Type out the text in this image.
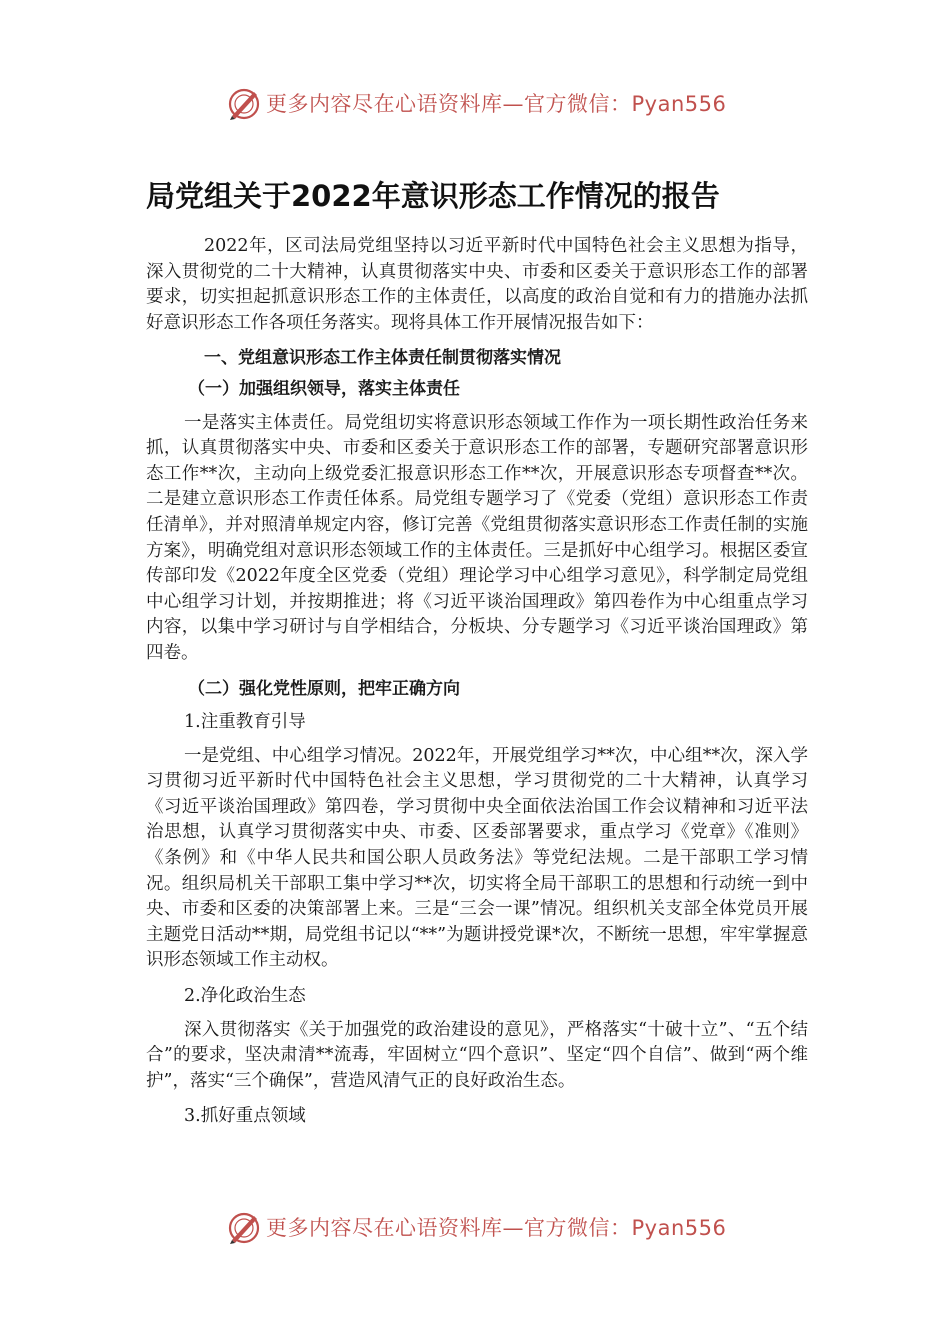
更多内容尽在心语资料库—官方微信：Pyan556
局党组关于2022年意识形态工作情况的报告

2022年，区司法局党组坚持以习近平新时代中国特色社会主义思想为指导，深入贯彻党的二十大精神，认真贯彻落实中央、市委和区委关于意识形态工作的部署要求，切实担起抓意识形态工作的主体责任，以高度的政治自觉和有力的措施办法抓好意识形态工作各项任务落实。现将具体工作开展情况报告如下：

一、党组意识形态工作主体责任制贯彻落实情况

（一）加强组织领导，落实主体责任

一是落实主体责任。局党组切实将意识形态领域工作作为一项长期性政治任务来抓，认真贯彻落实中央、市委和区委关于意识形态工作的部署，专题研究部署意识形态工作**次，主动向上级党委汇报意识形态工作**次，开展意识形态专项督查**次。二是建立意识形态工作责任体系。局党组专题学习了《党委（党组）意识形态工作责任清单》，并对照清单规定内容，修订完善《党组贯彻落实意识形态工作责任制的实施方案》，明确党组对意识形态领域工作的主体责任。三是抓好中心组学习。根据区委宣传部印发《2022年度全区党委（党组）理论学习中心组学习意见》，科学制定局党组中心组学习计划，并按期推进；将《习近平谈治国理政》第四卷作为中心组重点学习内容，以集中学习研讨与自学相结合，分板块、分专题学习《习近平谈治国理政》第四卷。

（二）强化党性原则，把牢正确方向

1.注重教育引导

一是党组、中心组学习情况。2022年，开展党组学习**次，中心组**次，深入学习贯彻习近平新时代中国特色社会主义思想，学习贯彻党的二十大精神，认真学习《习近平谈治国理政》第四卷，学习贯彻中央全面依法治国工作会议精神和习近平法治思想，认真学习贯彻落实中央、市委、区委部署要求，重点学习《党章》《准则》《条例》和《中华人民共和国公职人员政务法》等党纪法规。二是干部职工学习情况。组织局机关干部职工集中学习**次，切实将全局干部职工的思想和行动统一到中央、市委和区委的决策部署上来。三是“三会一课”情况。组织机关支部全体党员开展主题党日活动**期，局党组书记以“**”为题讲授党课*次，不断统一思想，牢牢掌握意识形态领域工作主动权。

2.净化政治生态

深入贯彻落实《关于加强党的政治建设的意见》，严格落实“十破十立”、“五个结合”的要求，坚决肃清**流毒，牢固树立“四个意识”、坚定“四个自信”、做到“两个维护”，落实“三个确保”，营造风清气正的良好政治生态。

3.抓好重点领域

更多内容尽在心语资料库—官方微信：Pyan556
